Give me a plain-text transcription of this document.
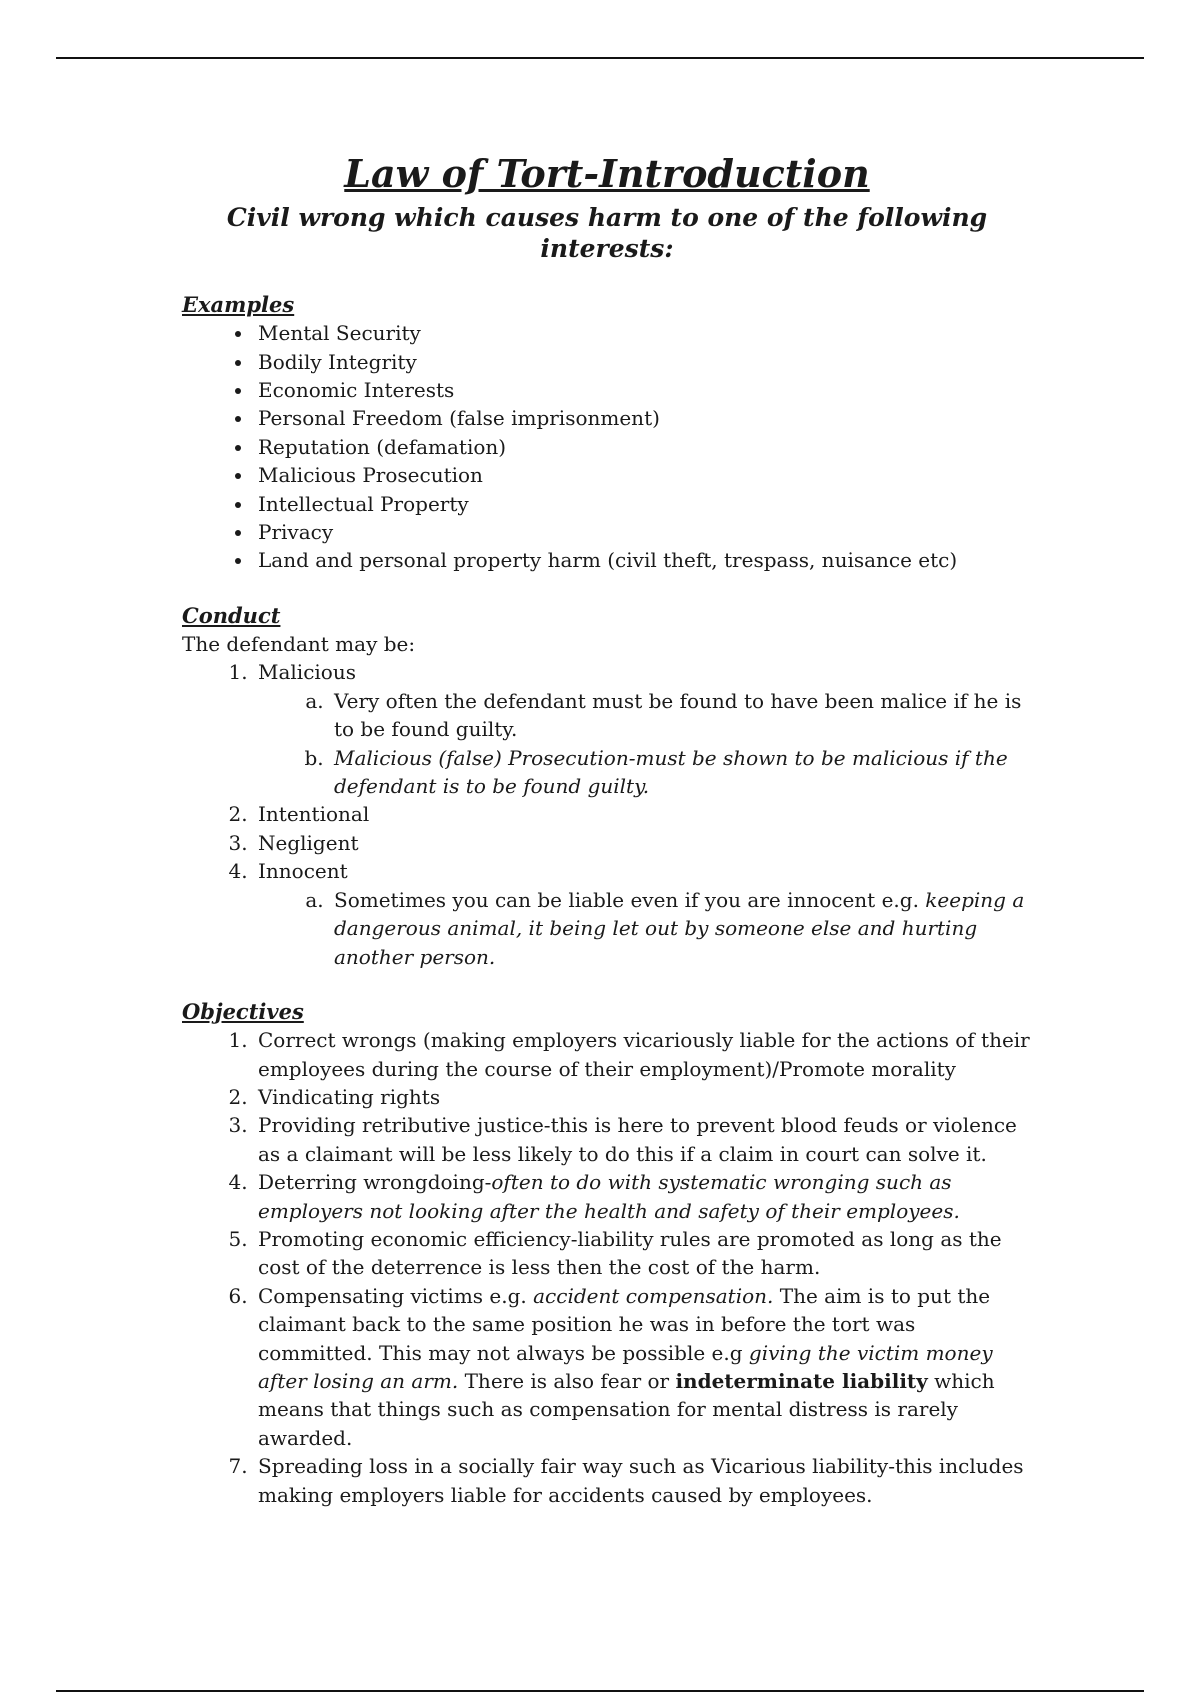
Law of Tort-Introduction
Civil wrong which causes harm to one of the following interests:
Examples
• Mental Security
• Bodily Integrity
• Economic Interests
• Personal Freedom (false imprisonment)
• Reputation (defamation)
• Malicious Prosecution
• Intellectual Property
• Privacy
• Land and personal property harm (civil theft, trespass, nuisance etc)
Conduct

The defendant may be:

1. Malicious
a. Very often the defendant must be found to have been malice if he is to be found guilty.
b. Malicious (false) Prosecution-must be shown to be malicious if the defendant is to be found guilty.
2. Intentional
3. Negligent
4. Innocent
a. Sometimes you can be liable even if you are innocent e.g. keeping a dangerous animal, it being let out by someone else and hurting another person.
Objectives
1. Correct wrongs (making employers vicariously liable for the actions of their employees during the course of their employment)/Promote morality
2. Vindicating rights
3. Providing retributive justice-this is here to prevent blood feuds or violence as a claimant will be less likely to do this if a claim in court can solve it.
4. Deterring wrongdoing-often to do with systematic wronging such as employers not looking after the health and safety of their employees.
5. Promoting economic efficiency-liability rules are promoted as long as the cost of the deterrence is less then the cost of the harm.
6. Compensating victims e.g. accident compensation. The aim is to put the claimant back to the same position he was in before the tort was committed. This may not always be possible e.g giving the victim money after losing an arm. There is also fear or indeterminate liability which means that things such as compensation for mental distress is rarely awarded.
7. Spreading loss in a socially fair way such as Vicarious liability-this includes making employers liable for accidents caused by employees.
